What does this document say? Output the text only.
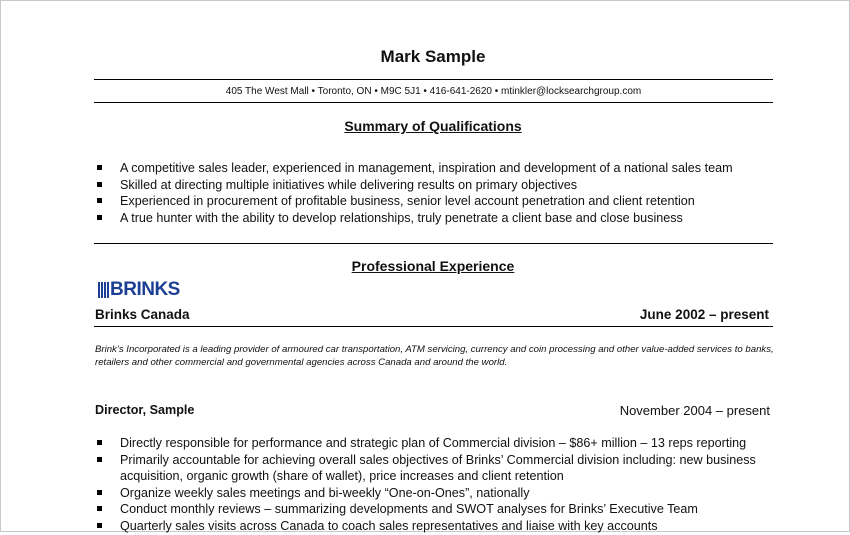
Mark Sample
405 The West Mall • Toronto, ON • M9C 5J1 • 416-641-2620 • mtinkler@locksearchgroup.com
Summary of Qualifications
A competitive sales leader, experienced in management, inspiration and development of a national sales team
Skilled at directing multiple initiatives while delivering results on primary objectives
Experienced in procurement of profitable business, senior level account penetration and client retention
A true hunter with the ability to develop relationships, truly penetrate a client base and close business
Professional Experience
BRINKS
Brinks Canada	June 2002 – present
Brink’s Incorporated is a leading provider of armoured car transportation, ATM servicing, currency and coin processing and other value-added services to banks, retailers and other commercial and governmental agencies across Canada and around the world.
Director, Sample	November 2004 – present
Directly responsible for performance and strategic plan of Commercial division – $86+ million – 13 reps reporting
Primarily accountable for achieving overall sales objectives of Brinks’ Commercial division including: new business acquisition, organic growth (share of wallet), price increases and client retention
Organize weekly sales meetings and bi-weekly “One-on-Ones”, nationally
Conduct monthly reviews – summarizing developments and SWOT analyses for Brinks’ Executive Team
Quarterly sales visits across Canada to coach sales representatives and liaise with key accounts
